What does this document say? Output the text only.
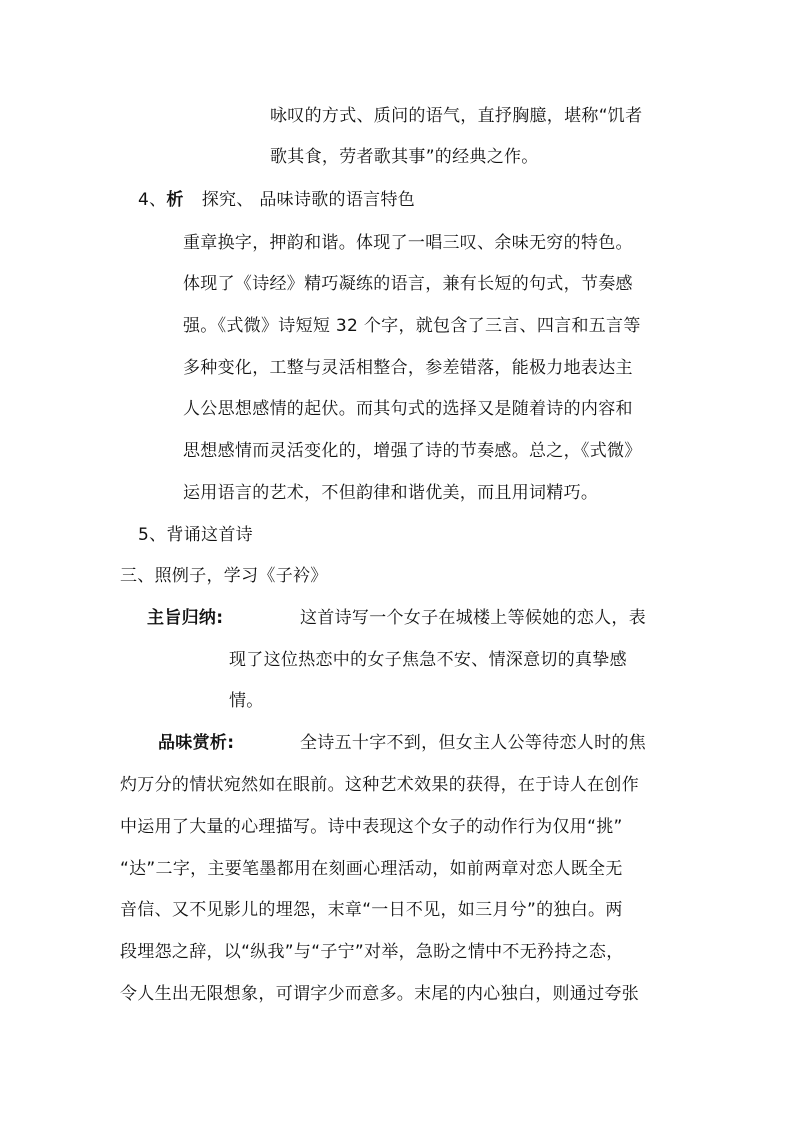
咏叹的方式、质问的语气，直抒胸臆，堪称“饥者
歌其食，劳者歌其事”的经典之作。
4、析 探究、 品味诗歌的语言特色
重章换字，押韵和谐。体现了一唱三叹、余味无穷的特色。
体现了《诗经》精巧凝练的语言，兼有长短的句式，节奏感
强。《式微》诗短短 32 个字，就包含了三言、四言和五言等
多种变化，工整与灵活相整合，参差错落，能极力地表达主
人公思想感情的起伏。而其句式的选择又是随着诗的内容和
思想感情而灵活变化的，增强了诗的节奏感。总之，《式微》
运用语言的艺术，不但韵律和谐优美，而且用词精巧。
5、背诵这首诗
三、照例子，学习《子衿》
主旨归纳:	这首诗写一个女子在城楼上等候她的恋人，表
现了这位热恋中的女子焦急不安、情深意切的真挚感
情。
品味赏析:	全诗五十字不到，但女主人公等待恋人时的焦
灼万分的情状宛然如在眼前。这种艺术效果的获得，在于诗人在创作
中运用了大量的心理描写。诗中表现这个女子的动作行为仅用“挑”
“达”二字，主要笔墨都用在刻画心理活动，如前两章对恋人既全无
音信、又不见影儿的埋怨，末章“一日不见，如三月兮”的独白。两
段埋怨之辞，以“纵我”与“子宁”对举，急盼之情中不无矜持之态，
令人生出无限想象，可谓字少而意多。末尾的内心独白，则通过夸张
